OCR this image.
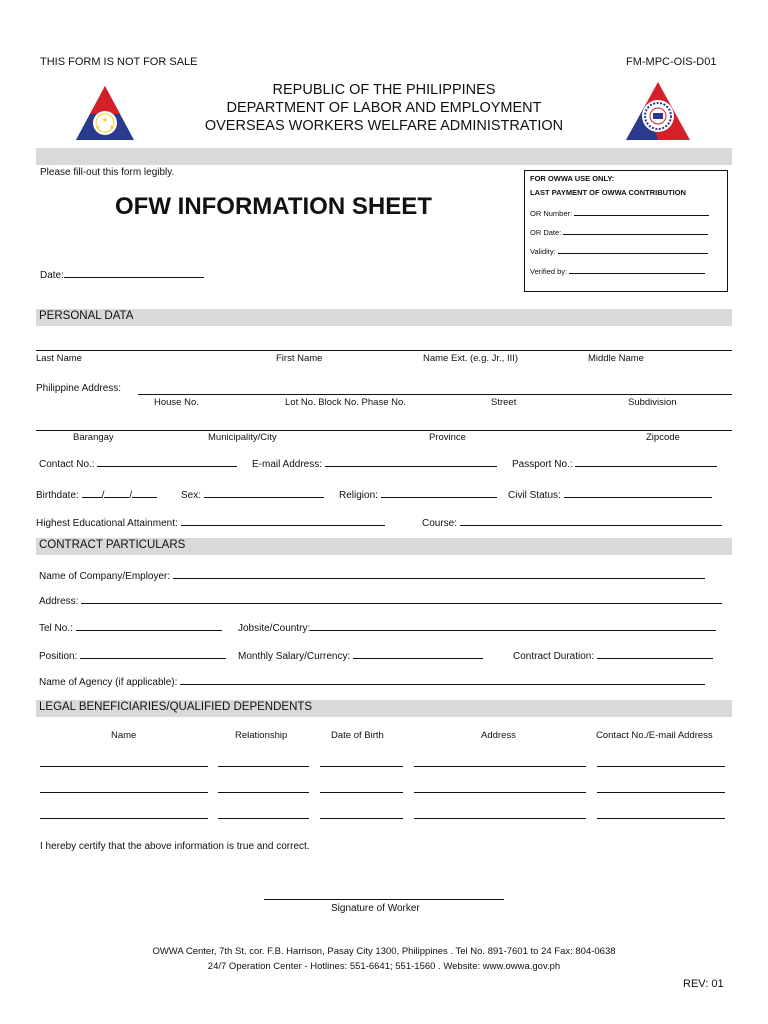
THIS FORM IS NOT FOR SALE	FM-MPC-OIS-D01
REPUBLIC OF THE PHILIPPINES
DEPARTMENT OF LABOR AND EMPLOYMENT
OVERSEAS WORKERS WELFARE ADMINISTRATION
★
★ ★
Please fill-out this form legibly.
OFW INFORMATION SHEET
Date:
FOR OWWA USE ONLY:
LAST PAYMENT OF OWWA CONTRIBUTION
OR Number:
OR Date:
Validity:
Verified by:
PERSONAL DATA
Last Name	First Name	Name Ext. (e.g. Jr., III)	Middle Name
Philippine Address:
House No.	Lot No. Block No. Phase No.	Street	Subdivision
Barangay	Municipality/City	Province	Zipcode
Contact No.:	E-mail Address:	Passport No.:
Birthdate: /	/	Sex:	Religion:	Civil Status:
Highest Educational Attainment:	Course:
CONTRACT PARTICULARS
Name of Company/Employer:
Address:
Tel No.:	Jobsite/Country:
Position:	Monthly Salary/Currency:	Contract Duration:
Name of Agency (if applicable):
LEGAL BENEFICIARIES/QUALIFIED DEPENDENTS
Name	Relationship	Date of Birth	Address	Contact No./E-mail Address
I hereby certify that the above information is true and correct.
Signature of Worker
OWWA Center, 7th St. cor. F.B. Harrison, Pasay City 1300, Philippines . Tel No. 891-7601 to 24 Fax: 804-0638
24/7 Operation Center - Hotlines: 551-6641; 551-1560 . Website: www.owwa.gov.ph
REV: 01
